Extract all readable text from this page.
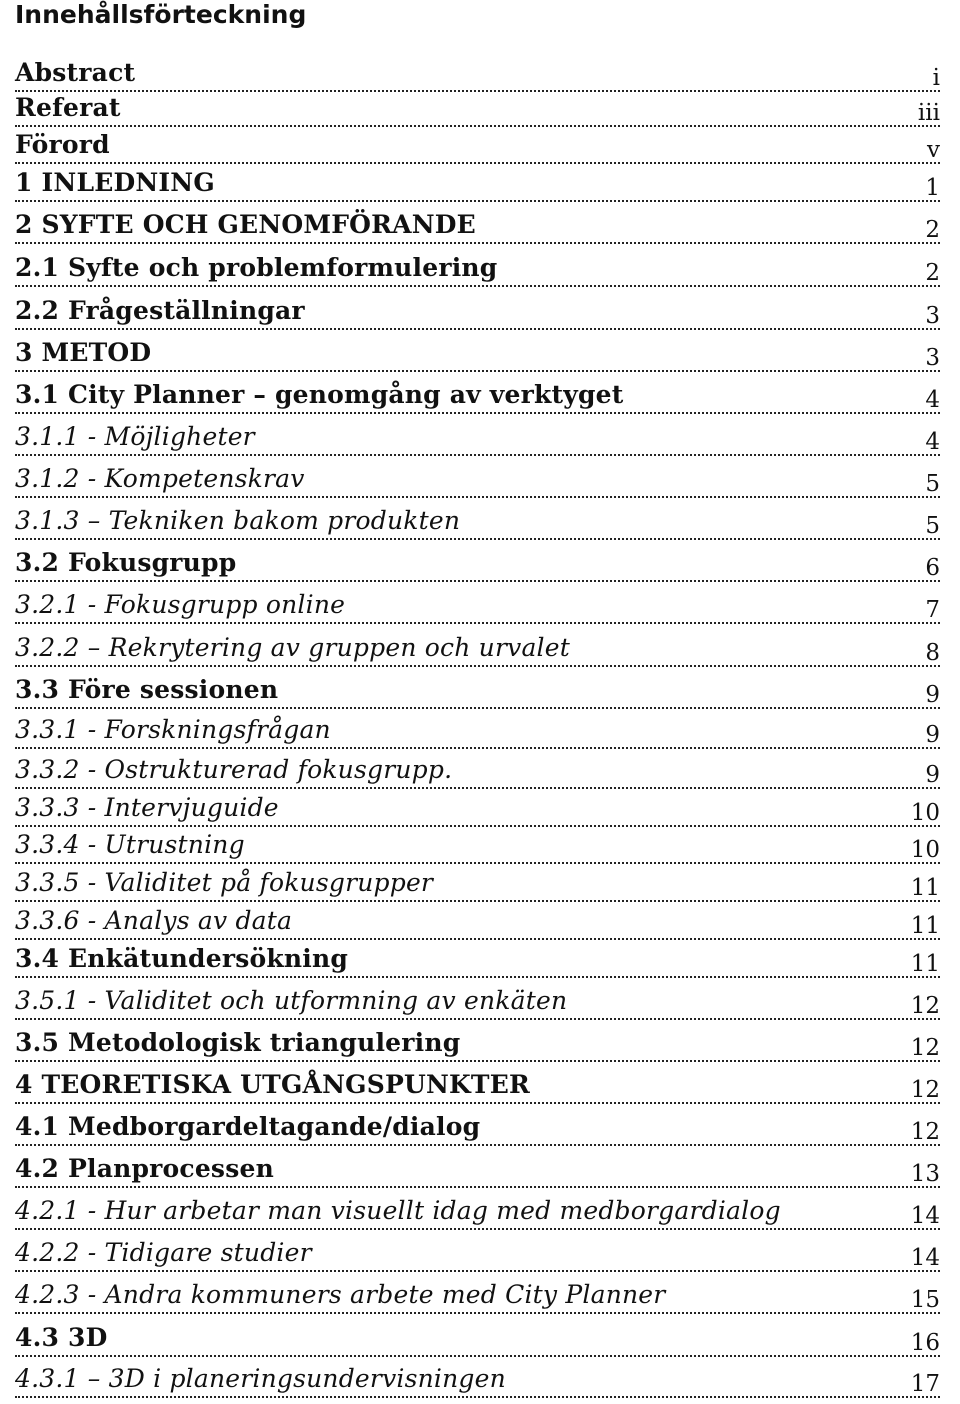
Innehållsförteckning
Abstract	i
Referat	iii
Förord	v
1 INLEDNING	1
2 SYFTE OCH GENOMFÖRANDE	2
2.1 Syfte och problemformulering	2
2.2 Frågeställningar	3
3 METOD	3
3.1 City Planner – genomgång av verktyget	4
3.1.1 - Möjligheter	4
3.1.2 - Kompetenskrav	5
3.1.3 – Tekniken bakom produkten	5
3.2 Fokusgrupp	6
3.2.1 - Fokusgrupp online	7
3.2.2 – Rekrytering av gruppen och urvalet	8
3.3 Före sessionen	9
3.3.1 - Forskningsfrågan	9
3.3.2 - Ostrukturerad fokusgrupp.	9
3.3.3 - Intervjuguide	10
3.3.4 - Utrustning	10
3.3.5 - Validitet på fokusgrupper	11
3.3.6 - Analys av data	11
3.4 Enkätundersökning	11
3.5.1 - Validitet och utformning av enkäten	12
3.5 Metodologisk triangulering	12
4 TEORETISKA UTGÅNGSPUNKTER	12
4.1 Medborgardeltagande/dialog	12
4.2 Planprocessen	13
4.2.1 - Hur arbetar man visuellt idag med medborgardialog	14
4.2.2 - Tidigare studier	14
4.2.3 - Andra kommuners arbete med City Planner	15
4.3 3D	16
4.3.1 – 3D i planeringsundervisningen	17
